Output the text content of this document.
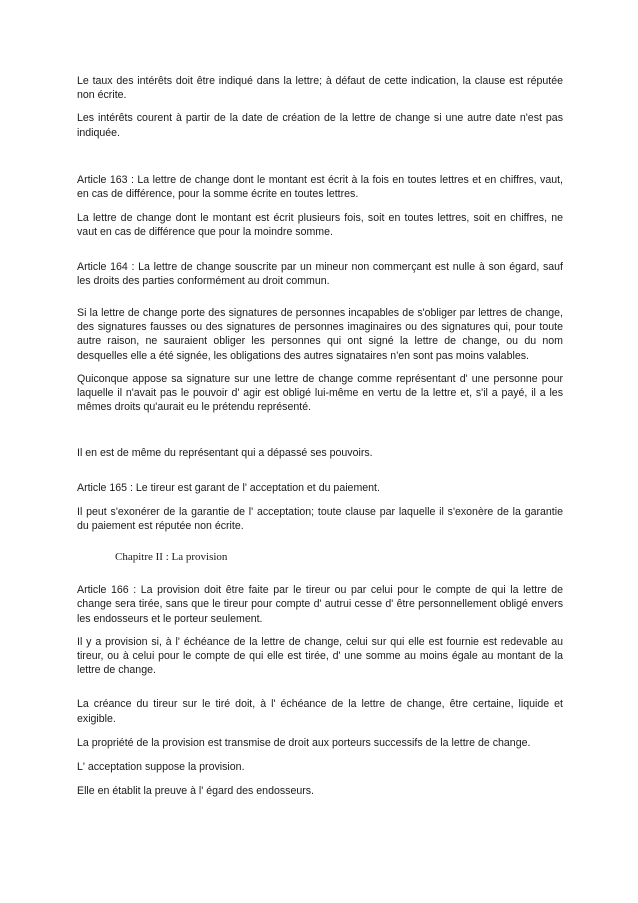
Le taux des intérêts doit être indiqué dans la lettre; à défaut de cette indication, la clause est réputée non écrite.

Les intérêts courent à partir de la date de création de la lettre de change si une autre date n'est pas indiquée.

Article 163 : La lettre de change dont le montant est écrit à la fois en toutes lettres et en chiffres, vaut, en cas de différence, pour la somme écrite en toutes lettres.

La lettre de change dont le montant est écrit plusieurs fois, soit en toutes lettres, soit en chiffres, ne vaut en cas de différence que pour la moindre somme.

Article 164 : La lettre de change souscrite par un mineur non commerçant est nulle à son égard, sauf les droits des parties conformément au droit commun.

Si la lettre de change porte des signatures de personnes incapables de s'obliger par lettres de change, des signatures fausses ou des signatures de personnes imaginaires ou des signatures qui, pour toute autre raison, ne sauraient obliger les personnes qui ont signé la lettre de change, ou du nom desquelles elle a été signée, les obligations des autres signataires n'en sont pas moins valables.

Quiconque appose sa signature sur une lettre de change comme représentant d' une personne pour laquelle il n'avait pas le pouvoir d' agir est obligé lui-même en vertu de la lettre et, s'il a payé, il a les mêmes droits qu'aurait eu le prétendu représenté.

Il en est de même du représentant qui a dépassé ses pouvoirs.

Article 165 : Le tireur est garant de l' acceptation et du paiement.

Il peut s'exonérer de la garantie de l' acceptation; toute clause par laquelle il s'exonère de la garantie du paiement est réputée non écrite.

Chapitre II : La provision

Article 166 : La provision doit être faite par le tireur ou par celui pour le compte de qui la lettre de change sera tirée, sans que le tireur pour compte d' autrui cesse d' être personnellement obligé envers les endosseurs et le porteur seulement.

Il y a provision si, à l' échéance de la lettre de change, celui sur qui elle est fournie est redevable au tireur, ou à celui pour le compte de qui elle est tirée, d' une somme au moins égale au montant de la lettre de change.

La créance du tireur sur le tiré doit, à l' échéance de la lettre de change, être certaine, liquide et exigible.

La propriété de la provision est transmise de droit aux porteurs successifs de la lettre de change.

L' acceptation suppose la provision.

Elle en établit la preuve à l' égard des endosseurs.
